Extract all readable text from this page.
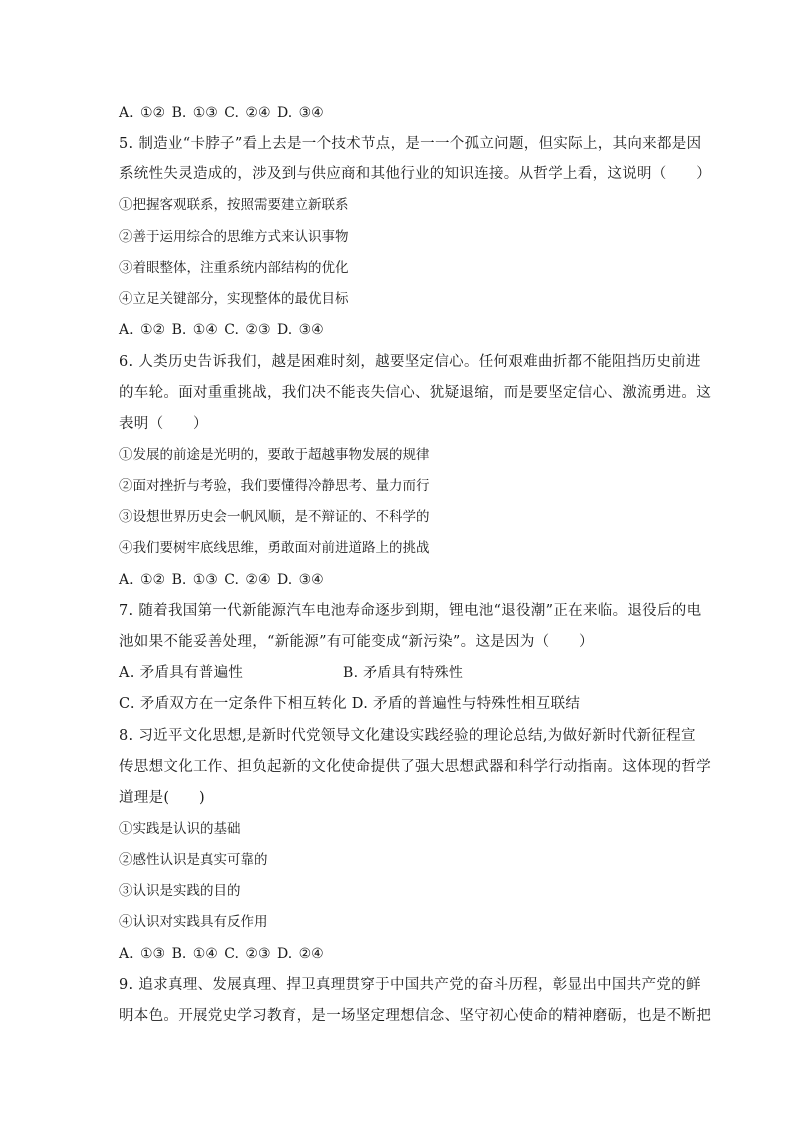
A. ①② B. ①③ C. ②④ D. ③④
5. 制造业“卡脖子”看上去是一个技术节点，是一一个孤立问题，但实际上，其向来都是因
系统性失灵造成的，涉及到与供应商和其他行业的知识连接。从哲学上看，这说明（　　）
①把握客观联系，按照需要建立新联系
②善于运用综合的思维方式来认识事物
③着眼整体，注重系统内部结构的优化
④立足关键部分，实现整体的最优目标
A. ①② B. ①④ C. ②③ D. ③④
6. 人类历史告诉我们，越是困难时刻，越要坚定信心。任何艰难曲折都不能阻挡历史前进
的车轮。面对重重挑战，我们决不能丧失信心、犹疑退缩，而是要坚定信心、激流勇进。这
表明（　　）
①发展的前途是光明的，要敢于超越事物发展的规律
②面对挫折与考验，我们要懂得冷静思考、量力而行
③设想世界历史会一帆风顺，是不辩证的、不科学的
④我们要树牢底线思维，勇敢面对前进道路上的挑战
A. ①② B. ①③ C. ②④ D. ③④
7. 随着我国第一代新能源汽车电池寿命逐步到期，锂电池“退役潮”正在来临。退役后的电
池如果不能妥善处理，“新能源”有可能变成“新污染”。这是因为（　　）
A. 矛盾具有普遍性	B. 矛盾具有特殊性
C. 矛盾双方在一定条件下相互转化 D. 矛盾的普遍性与特殊性相互联结
8. 习近平文化思想,是新时代党领导文化建设实践经验的理论总结,为做好新时代新征程宣
传思想文化工作、担负起新的文化使命提供了强大思想武器和科学行动指南。这体现的哲学
道理是(　　)
①实践是认识的基础
②感性认识是真实可靠的
③认识是实践的目的
④认识对实践具有反作用
A. ①③ B. ①④ C. ②③ D. ②④
9. 追求真理、发展真理、捍卫真理贯穿于中国共产党的奋斗历程，彰显出中国共产党的鲜
明本色。开展党史学习教育，是一场坚定理想信念、坚守初心使命的精神磨砺，也是不断把
